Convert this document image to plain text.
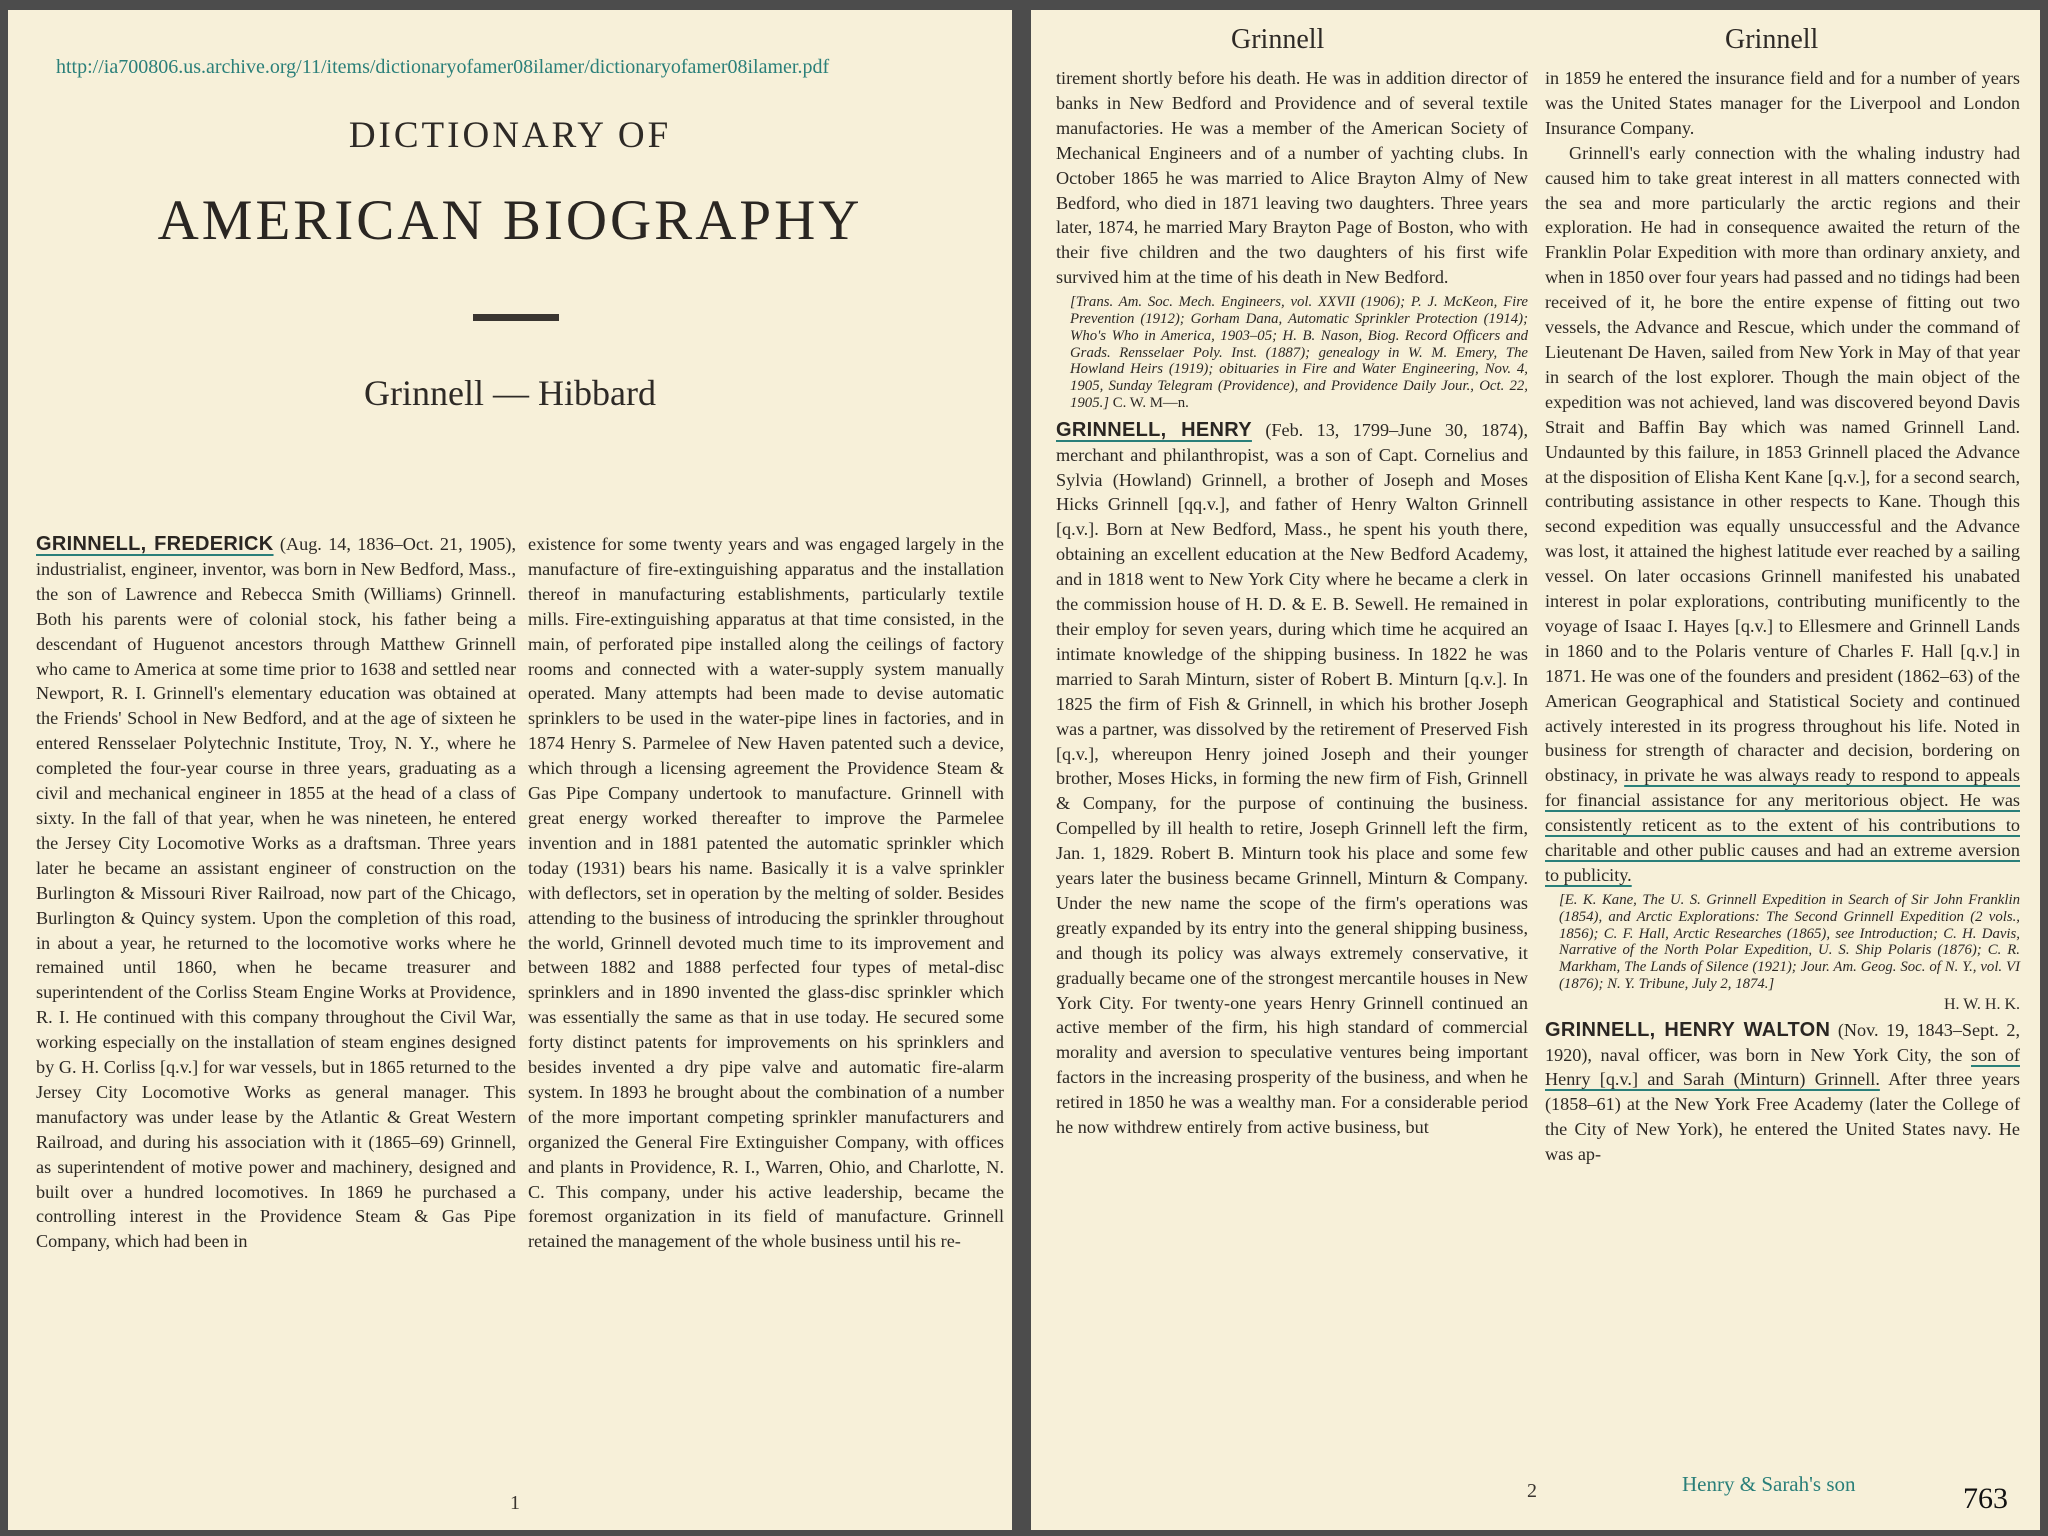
http://ia700806.us.archive.org/11/items/dictionaryofamer08ilamer/dictionaryofamer08ilamer.pdf
DICTIONARY OF
AMERICAN BIOGRAPHY
Grinnell — Hibbard

GRINNELL, FREDERICK (Aug. 14, 1836–Oct. 21, 1905), industrialist, engineer, inventor, was born in New Bedford, Mass., the son of Lawrence and Rebecca Smith (Williams) Grinnell. Both his parents were of colonial stock, his father being a descendant of Huguenot ancestors through Matthew Grinnell who came to America at some time prior to 1638 and settled near Newport, R. I. Grinnell's elementary education was obtained at the Friends' School in New Bedford, and at the age of sixteen he entered Rensselaer Polytechnic Institute, Troy, N. Y., where he completed the four-year course in three years, graduating as a civil and mechanical engineer in 1855 at the head of a class of sixty. In the fall of that year, when he was nineteen, he entered the Jersey City Locomotive Works as a draftsman. Three years later he became an assistant engineer of construction on the Burlington & Missouri River Railroad, now part of the Chicago, Burlington & Quincy system. Upon the completion of this road, in about a year, he returned to the locomotive works where he remained until 1860, when he became treasurer and superintendent of the Corliss Steam Engine Works at Providence, R. I. He continued with this company throughout the Civil War, working especially on the installation of steam engines designed by G. H. Corliss [q.v.] for war vessels, but in 1865 returned to the Jersey City Locomotive Works as general manager. This manufactory was under lease by the Atlantic & Great Western Railroad, and during his association with it (1865–69) Grinnell, as superintendent of motive power and machinery, designed and built over a hundred locomotives. In 1869 he purchased a controlling interest in the Providence Steam & Gas Pipe Company, which had been in

existence for some twenty years and was engaged largely in the manufacture of fire-extinguishing apparatus and the installation thereof in manufacturing establishments, particularly textile mills. Fire-extinguishing apparatus at that time consisted, in the main, of perforated pipe installed along the ceilings of factory rooms and connected with a water-supply system manually operated. Many attempts had been made to devise automatic sprinklers to be used in the water-pipe lines in factories, and in 1874 Henry S. Parmelee of New Haven patented such a device, which through a licensing agreement the Providence Steam & Gas Pipe Company undertook to manufacture. Grinnell with great energy worked thereafter to improve the Parmelee invention and in 1881 patented the automatic sprinkler which today (1931) bears his name. Basically it is a valve sprinkler with deflectors, set in operation by the melting of solder. Besides attending to the business of introducing the sprinkler throughout the world, Grinnell devoted much time to its improvement and between 1882 and 1888 perfected four types of metal-disc sprinklers and in 1890 invented the glass-disc sprinkler which was essentially the same as that in use today. He secured some forty distinct patents for improvements on his sprinklers and besides invented a dry pipe valve and automatic fire-alarm system. In 1893 he brought about the combination of a number of the more important competing sprinkler manufacturers and organized the General Fire Extinguisher Company, with offices and plants in Providence, R. I., Warren, Ohio, and Charlotte, N. C. This company, under his active leadership, became the foremost organization in its field of manufacture. Grinnell retained the management of the whole business until his re-

1
Grinnell	Grinnell

tirement shortly before his death. He was in addition director of banks in New Bedford and Providence and of several textile manufactories. He was a member of the American Society of Mechanical Engineers and of a number of yachting clubs. In October 1865 he was married to Alice Brayton Almy of New Bedford, who died in 1871 leaving two daughters. Three years later, 1874, he married Mary Brayton Page of Boston, who with their five children and the two daughters of his first wife survived him at the time of his death in New Bedford.

[Trans. Am. Soc. Mech. Engineers, vol. XXVII (1906); P. J. McKeon, Fire Prevention (1912); Gorham Dana, Automatic Sprinkler Protection (1914); Who's Who in America, 1903–05; H. B. Nason, Biog. Record Officers and Grads. Rensselaer Poly. Inst. (1887); genealogy in W. M. Emery, The Howland Heirs (1919); obituaries in Fire and Water Engineering, Nov. 4, 1905, Sunday Telegram (Providence), and Providence Daily Jour., Oct. 22, 1905.] C. W. M—n.

GRINNELL, HENRY (Feb. 13, 1799–June 30, 1874), merchant and philanthropist, was a son of Capt. Cornelius and Sylvia (Howland) Grinnell, a brother of Joseph and Moses Hicks Grinnell [qq.v.], and father of Henry Walton Grinnell [q.v.]. Born at New Bedford, Mass., he spent his youth there, obtaining an excellent education at the New Bedford Academy, and in 1818 went to New York City where he became a clerk in the commission house of H. D. & E. B. Sewell. He remained in their employ for seven years, during which time he acquired an intimate knowledge of the shipping business. In 1822 he was married to Sarah Minturn, sister of Robert B. Minturn [q.v.]. In 1825 the firm of Fish & Grinnell, in which his brother Joseph was a partner, was dissolved by the retirement of Preserved Fish [q.v.], whereupon Henry joined Joseph and their younger brother, Moses Hicks, in forming the new firm of Fish, Grinnell & Company, for the purpose of continuing the business. Compelled by ill health to retire, Joseph Grinnell left the firm, Jan. 1, 1829. Robert B. Minturn took his place and some few years later the business became Grinnell, Minturn & Company. Under the new name the scope of the firm's operations was greatly expanded by its entry into the general shipping business, and though its policy was always extremely conservative, it gradually became one of the strongest mercantile houses in New York City. For twenty-one years Henry Grinnell continued an active member of the firm, his high standard of commercial morality and aversion to speculative ventures being important factors in the increasing prosperity of the business, and when he retired in 1850 he was a wealthy man. For a considerable period he now withdrew entirely from active business, but

in 1859 he entered the insurance field and for a number of years was the United States manager for the Liverpool and London Insurance Company.

Grinnell's early connection with the whaling industry had caused him to take great interest in all matters connected with the sea and more particularly the arctic regions and their exploration. He had in consequence awaited the return of the Franklin Polar Expedition with more than ordinary anxiety, and when in 1850 over four years had passed and no tidings had been received of it, he bore the entire expense of fitting out two vessels, the Advance and Rescue, which under the command of Lieutenant De Haven, sailed from New York in May of that year in search of the lost explorer. Though the main object of the expedition was not achieved, land was discovered beyond Davis Strait and Baffin Bay which was named Grinnell Land. Undaunted by this failure, in 1853 Grinnell placed the Advance at the disposition of Elisha Kent Kane [q.v.], for a second search, contributing assistance in other respects to Kane. Though this second expedition was equally unsuccessful and the Advance was lost, it attained the highest latitude ever reached by a sailing vessel. On later occasions Grinnell manifested his unabated interest in polar explorations, contributing munificently to the voyage of Isaac I. Hayes [q.v.] to Ellesmere and Grinnell Lands in 1860 and to the Polaris venture of Charles F. Hall [q.v.] in 1871. He was one of the founders and president (1862–63) of the American Geographical and Statistical Society and continued actively interested in its progress throughout his life. Noted in business for strength of character and decision, bordering on obstinacy, in private he was always ready to respond to appeals for financial assistance for any meritorious object. He was consistently reticent as to the extent of his contributions to charitable and other public causes and had an extreme aversion to publicity.

[E. K. Kane, The U. S. Grinnell Expedition in Search of Sir John Franklin (1854), and Arctic Explorations: The Second Grinnell Expedition (2 vols., 1856); C. F. Hall, Arctic Researches (1865), see Introduction; C. H. Davis, Narrative of the North Polar Expedition, U. S. Ship Polaris (1876); C. R. Markham, The Lands of Silence (1921); Jour. Am. Geog. Soc. of N. Y., vol. VI (1876); N. Y. Tribune, July 2, 1874.]

H. W. H. K.

GRINNELL, HENRY WALTON (Nov. 19, 1843–Sept. 2, 1920), naval officer, was born in New York City, the son of Henry [q.v.] and Sarah (Minturn) Grinnell. After three years (1858–61) at the New York Free Academy (later the College of the City of New York), he entered the United States navy. He was ap-

2	Henry & Sarah's son	763
